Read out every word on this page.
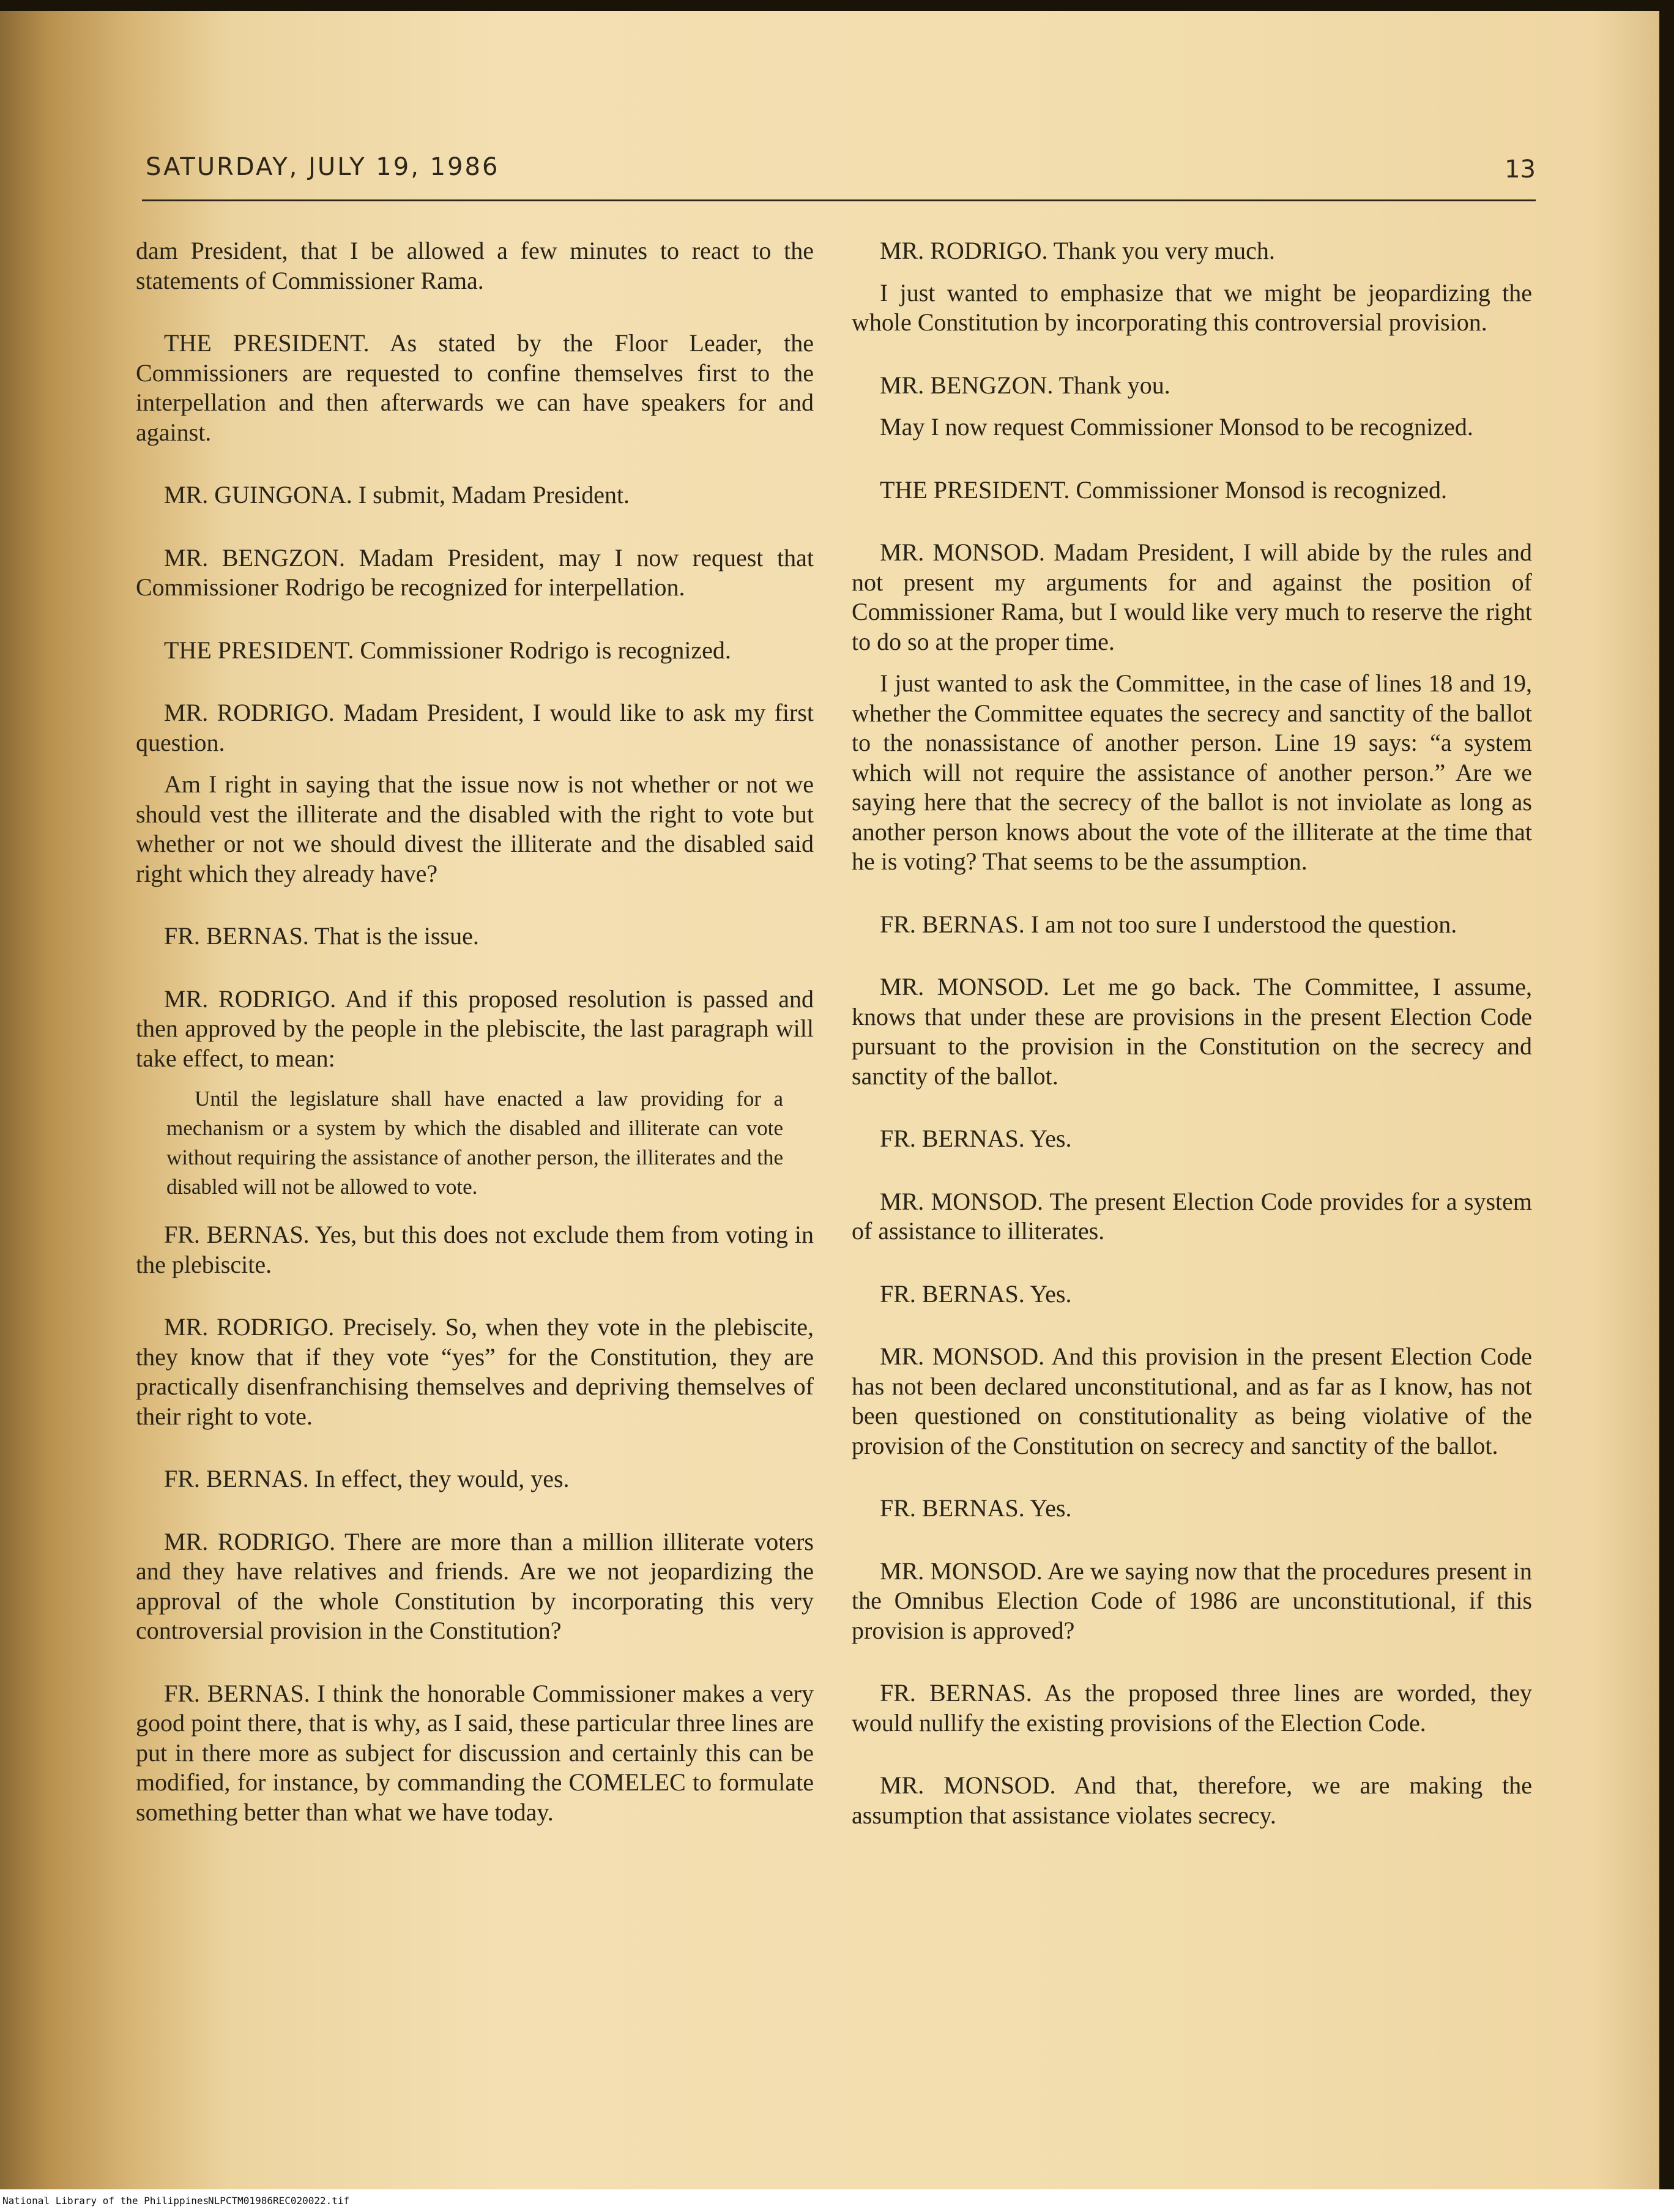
SATURDAY, JULY 19, 1986	13

dam President, that I be allowed a few minutes to react to the statements of Commissioner Rama.

THE PRESIDENT. As stated by the Floor Leader, the Commissioners are requested to confine themselves first to the interpellation and then afterwards we can have speakers for and against.

MR. GUINGONA. I submit, Madam President.

MR. BENGZON. Madam President, may I now request that Commissioner Rodrigo be recognized for interpellation.

THE PRESIDENT. Commissioner Rodrigo is recognized.

MR. RODRIGO. Madam President, I would like to ask my first question.

Am I right in saying that the issue now is not whether or not we should vest the illiterate and the disabled with the right to vote but whether or not we should divest the illiterate and the disabled said right which they already have?

FR. BERNAS. That is the issue.

MR. RODRIGO. And if this proposed resolution is passed and then approved by the people in the plebiscite, the last paragraph will take effect, to mean:

Until the legislature shall have enacted a law providing for a mechanism or a system by which the disabled and illiterate can vote without requiring the assistance of another person, the illiterates and the disabled will not be allowed to vote.

FR. BERNAS. Yes, but this does not exclude them from voting in the plebiscite.

MR. RODRIGO. Precisely. So, when they vote in the plebiscite, they know that if they vote “yes” for the Constitution, they are practically disenfranchising themselves and depriving themselves of their right to vote.

FR. BERNAS. In effect, they would, yes.

MR. RODRIGO. There are more than a million illiterate voters and they have relatives and friends. Are we not jeopardizing the approval of the whole Constitution by incorporating this very controversial provision in the Constitution?

FR. BERNAS. I think the honorable Commissioner makes a very good point there, that is why, as I said, these particular three lines are put in there more as subject for discussion and certainly this can be modified, for instance, by commanding the COMELEC to formulate something better than what we have today.

MR. RODRIGO. Thank you very much.

I just wanted to emphasize that we might be jeopardizing the whole Constitution by incorporating this controversial provision.

MR. BENGZON. Thank you.

May I now request Commissioner Monsod to be recognized.

THE PRESIDENT. Commissioner Monsod is recognized.

MR. MONSOD. Madam President, I will abide by the rules and not present my arguments for and against the position of Commissioner Rama, but I would like very much to reserve the right to do so at the proper time.

I just wanted to ask the Committee, in the case of lines 18 and 19, whether the Committee equates the secrecy and sanctity of the ballot to the nonassistance of another person. Line 19 says: “a system which will not require the assistance of another person.” Are we saying here that the secrecy of the ballot is not inviolate as long as another person knows about the vote of the illiterate at the time that he is voting? That seems to be the assumption.

FR. BERNAS. I am not too sure I understood the question.

MR. MONSOD. Let me go back. The Committee, I assume, knows that under these are provisions in the present Election Code pursuant to the provision in the Constitution on the secrecy and sanctity of the ballot.

FR. BERNAS. Yes.

MR. MONSOD. The present Election Code provides for a system of assistance to illiterates.

FR. BERNAS. Yes.

MR. MONSOD. And this provision in the present Election Code has not been declared unconstitutional, and as far as I know, has not been questioned on constitutionality as being violative of the provision of the Constitution on secrecy and sanctity of the ballot.

FR. BERNAS. Yes.

MR. MONSOD. Are we saying now that the procedures present in the Omnibus Election Code of 1986 are unconstitutional, if this provision is approved?

FR. BERNAS. As the proposed three lines are worded, they would nullify the existing provisions of the Election Code.

MR. MONSOD. And that, therefore, we are making the assumption that assistance violates secrecy.

National Library of the Philippines
NLPCTM01986REC020022.tif
